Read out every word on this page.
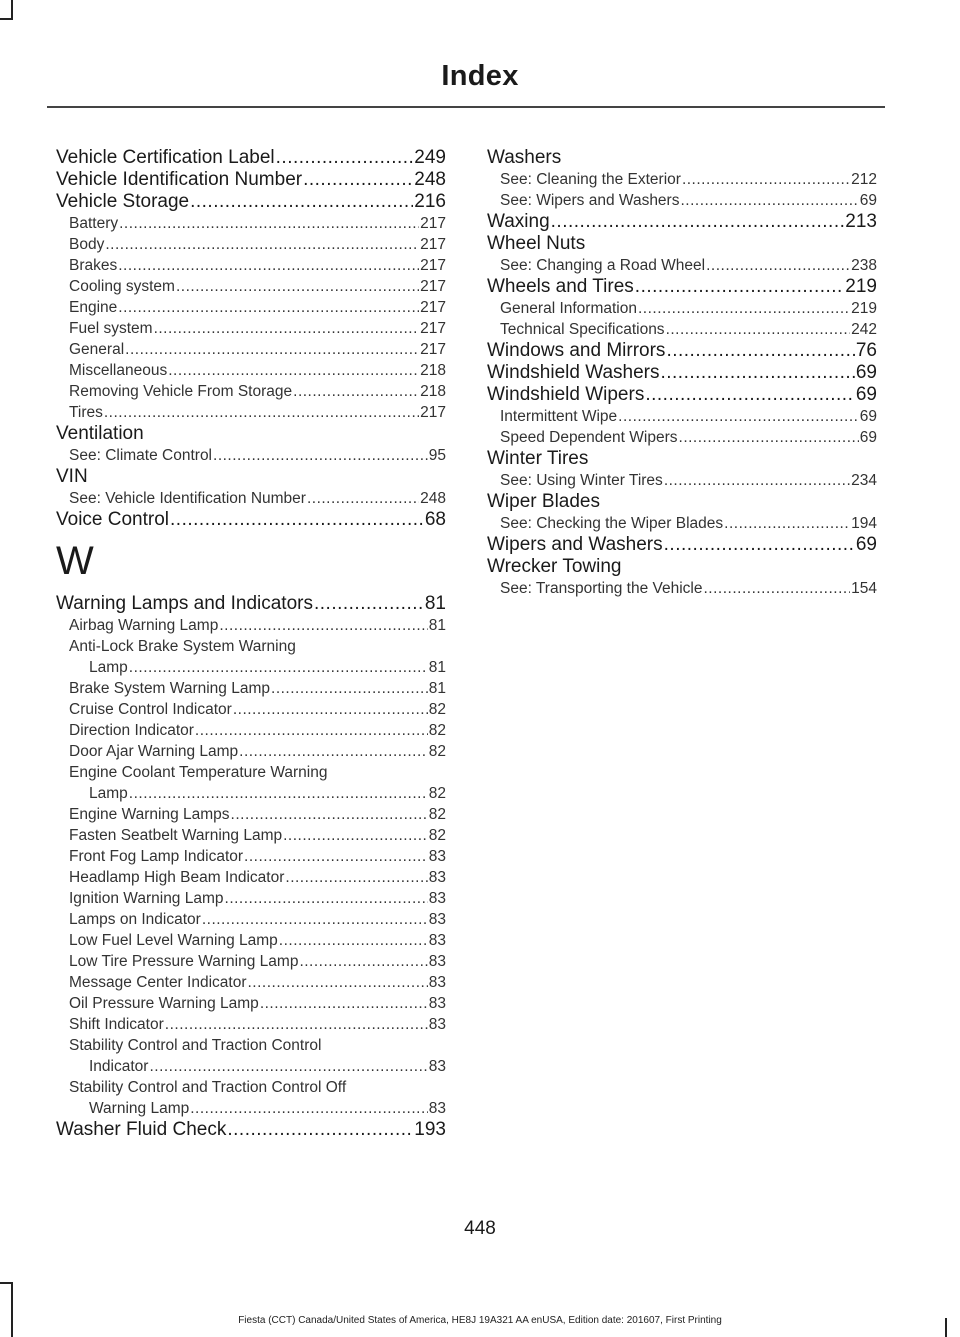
Index
Vehicle Certification Label .....	249
Vehicle Identification Number .....	248
Vehicle Storage .....	216
Battery .....	217
Body .....	217
Brakes .....	217
Cooling system .....	217
Engine .....	217
Fuel system .....	217
General .....	217
Miscellaneous .....	218
Removing Vehicle From Storage .....	218
Tires .....	217
Ventilation
See: Climate Control .....	95
VIN
See: Vehicle Identification Number .....	248
Voice Control .....	68
W
Warning Lamps and Indicators .....	81
Airbag Warning Lamp .....	81
Anti-Lock Brake System Warning
Lamp .....	81
Brake System Warning Lamp .....	81
Cruise Control Indicator .....	82
Direction Indicator .....	82
Door Ajar Warning Lamp .....	82
Engine Coolant Temperature Warning
Lamp .....	82
Engine Warning Lamps .....	82
Fasten Seatbelt Warning Lamp .....	82
Front Fog Lamp Indicator .....	83
Headlamp High Beam Indicator .....	83
Ignition Warning Lamp .....	83
Lamps on Indicator .....	83
Low Fuel Level Warning Lamp .....	83
Low Tire Pressure Warning Lamp .....	83
Message Center Indicator .....	83
Oil Pressure Warning Lamp .....	83
Shift Indicator .....	83
Stability Control and Traction Control
Indicator .....	83
Stability Control and Traction Control Off
Warning Lamp .....	83
Washer Fluid Check .....	193
Washers
See: Cleaning the Exterior .....	212
See: Wipers and Washers .....	69
Waxing .....	213
Wheel Nuts
See: Changing a Road Wheel .....	238
Wheels and Tires .....	219
General Information .....	219
Technical Specifications .....	242
Windows and Mirrors .....	76
Windshield Washers .....	69
Windshield Wipers .....	69
Intermittent Wipe .....	69
Speed Dependent Wipers .....	69
Winter Tires
See: Using Winter Tires .....	234
Wiper Blades
See: Checking the Wiper Blades .....	194
Wipers and Washers .....	69
Wrecker Towing
See: Transporting the Vehicle .....	154
448
Fiesta (CCT) Canada/United States of America, HE8J 19A321 AA enUSA, Edition date: 201607, First Printing
